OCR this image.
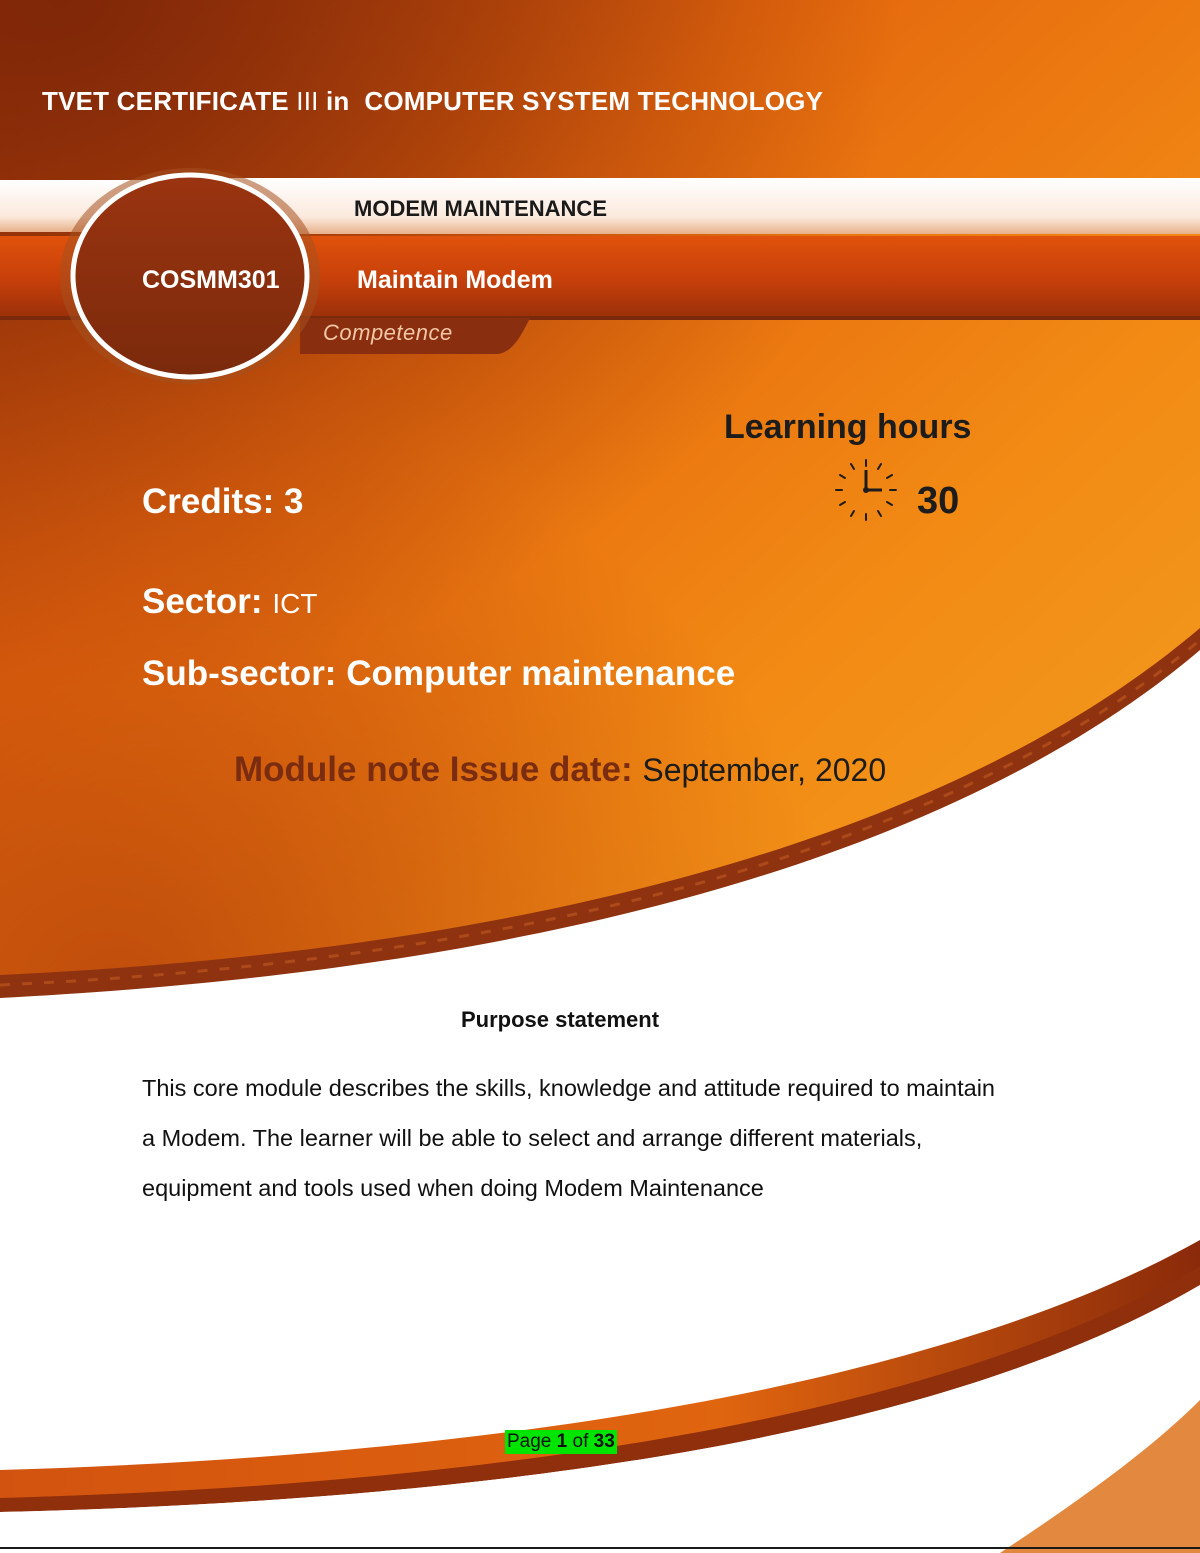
TVET CERTIFICATE III in  COMPUTER SYSTEM TECHNOLOGY
MODEM MAINTENANCE
COSMM301	Maintain Modem
Competence
Learning hours
30
Credits: 3
Sector: ICT
Sub-sector: Computer maintenance
Module note Issue date: September, 2020
Purpose statement
This core module describes the skills, knowledge and attitude required to maintain a Modem. The learner will be able to select and arrange different materials, equipment and tools used when doing Modem Maintenance
Page 1 of 33
